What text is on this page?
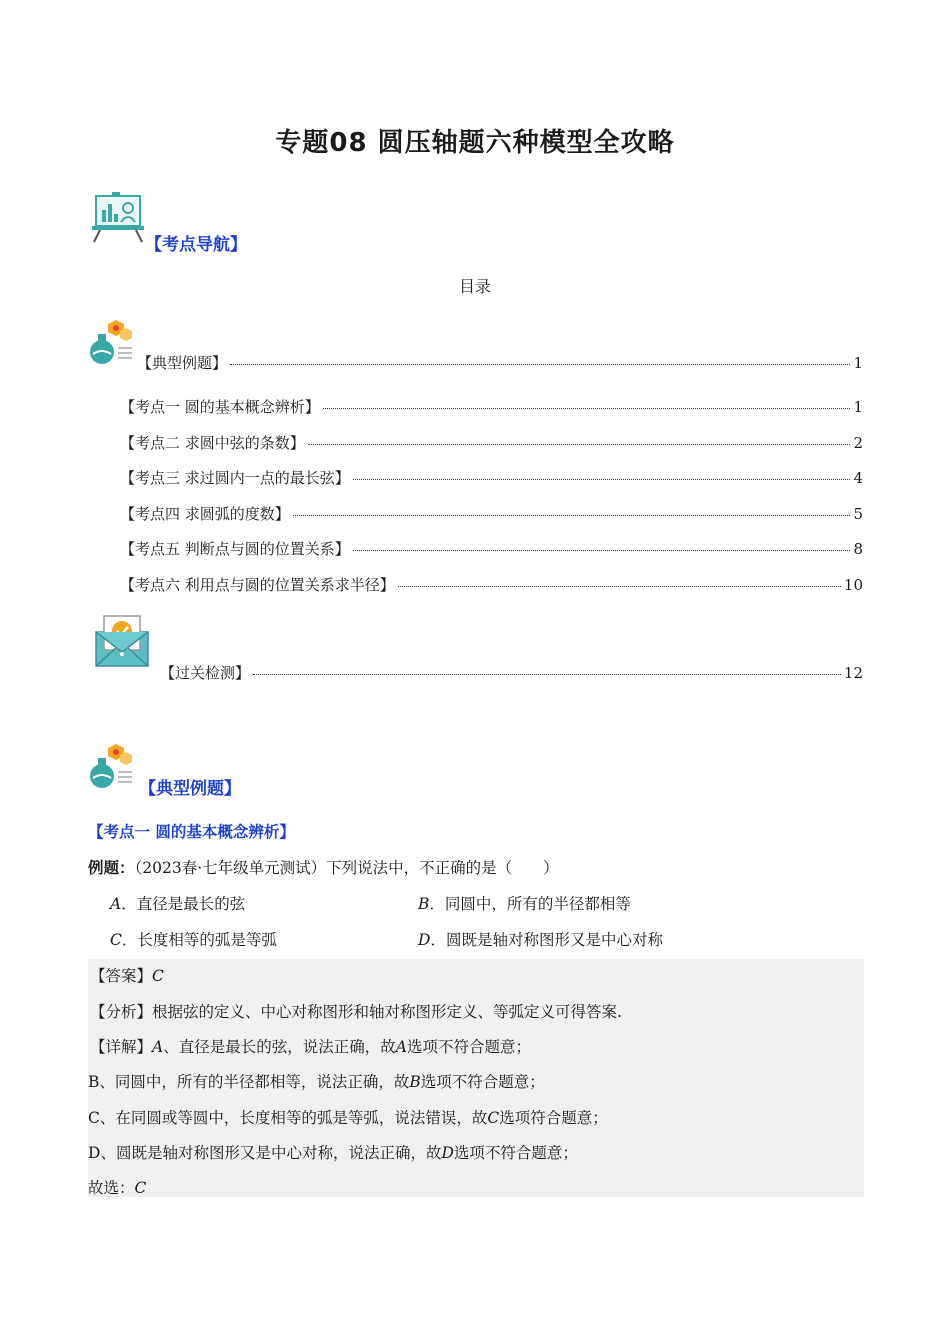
专题08 圆压轴题六种模型全攻略
【考点导航】
目录
【典型例题】	1
【考点一 圆的基本概念辨析】	1
【考点二 求圆中弦的条数】	2
【考点三 求过圆内一点的最长弦】	4
【考点四 求圆弧的度数】	5
【考点五 判断点与圆的位置关系】	8
【考点六 利用点与圆的位置关系求半径】	10
【过关检测】	12
【典型例题】
【考点一 圆的基本概念辨析】
例题：（2023春·七年级单元测试）下列说法中，不正确的是（　　）
A．直径是最长的弦	B．同圆中，所有的半径都相等
C．长度相等的弧是等弧	D．圆既是轴对称图形又是中心对称
【答案】C
【分析】根据弦的定义、中心对称图形和轴对称图形定义、等弧定义可得答案.
【详解】A、直径是最长的弦，说法正确，故A选项不符合题意；
B、同圆中，所有的半径都相等，说法正确，故B选项不符合题意；
C、在同圆或等圆中，长度相等的弧是等弧，说法错误，故C选项符合题意；
D、圆既是轴对称图形又是中心对称，说法正确，故D选项不符合题意；
故选：C
